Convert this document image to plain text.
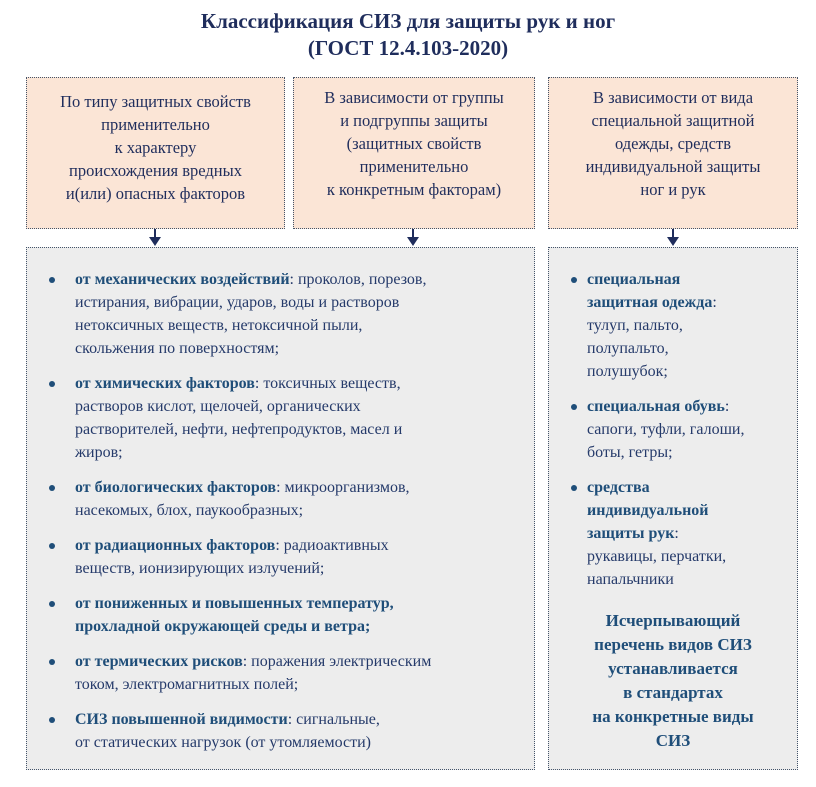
Классификация СИЗ для защиты рук и ног
(ГОСТ 12.4.103-2020)
По типу защитных свойств
применительно
к характеру
происхождения вредных
и(или) опасных факторов
В зависимости от группы
и подгруппы защиты
(защитных свойств
применительно
к конкретным факторам)
В зависимости от вида
специальной защитной
одежды, средств
индивидуальной защиты
ног и рук
от механических воздействий: проколов, порезов,
истирания, вибрации, ударов, воды и растворов
нетоксичных веществ, нетоксичной пыли,
скольжения по поверхностям;
от химических факторов: токсичных веществ,
растворов кислот, щелочей, органических
растворителей, нефти, нефтепродуктов, масел и
жиров;
от биологических факторов: микроорганизмов,
насекомых, блох, паукообразных;
от радиационных факторов: радиоактивных
веществ, ионизирующих излучений;
от пониженных и повышенных температур,
прохладной окружающей среды и ветра;
от термических рисков: поражения электрическим
током, электромагнитных полей;
СИЗ повышенной видимости: сигнальные,
от статических нагрузок (от утомляемости)
специальная
защитная одежда:
тулуп, пальто,
полупальто,
полушубок;
специальная обувь:
сапоги, туфли, галоши,
боты, гетры;
средства
индивидуальной
защиты рук:
рукавицы, перчатки,
напальчники
Исчерпывающий
перечень видов СИЗ
устанавливается
в стандартах
на конкретные виды
СИЗ
